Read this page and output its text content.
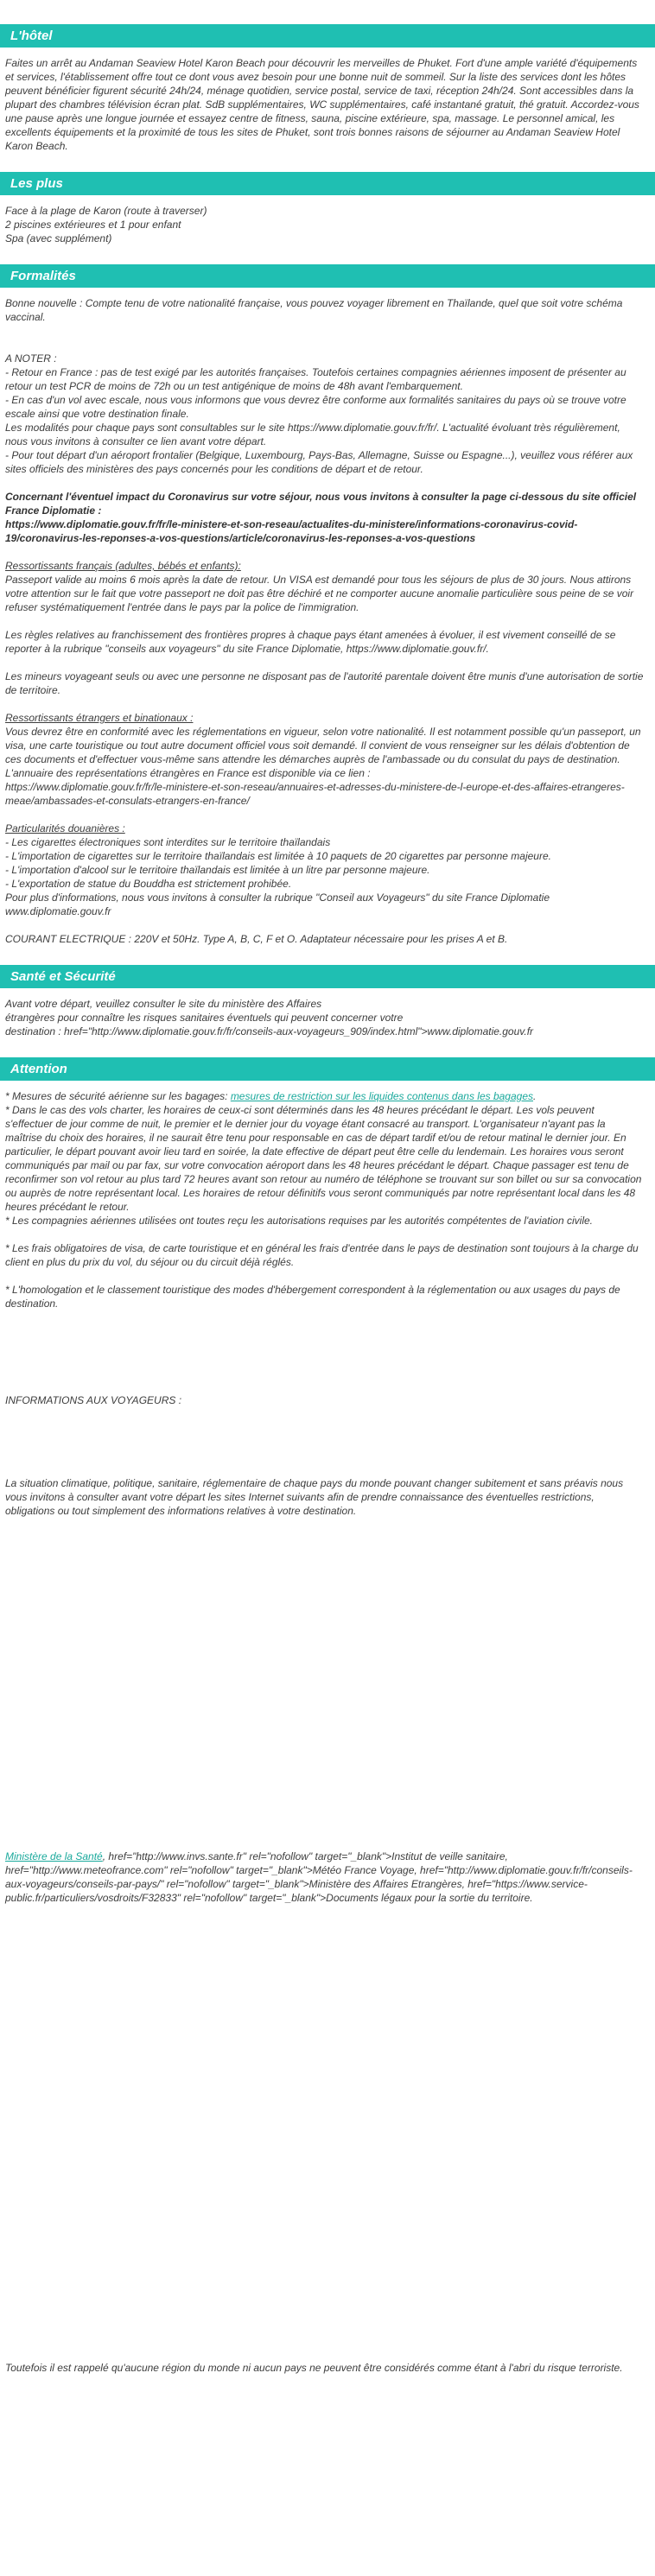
L'hôtel

Faites un arrêt au Andaman Seaview Hotel Karon Beach pour découvrir les merveilles de Phuket. Fort d'une ample variété d'équipements et services, l'établissement offre tout ce dont vous avez besoin pour une bonne nuit de sommeil. Sur la liste des services dont les hôtes peuvent bénéficier figurent sécurité 24h/24, ménage quotidien, service postal, service de taxi, réception 24h/24. Sont accessibles dans la plupart des chambres télévision écran plat. SdB supplémentaires, WC supplémentaires, café instantané gratuit, thé gratuit. Accordez-vous une pause après une longue journée et essayez centre de fitness, sauna, piscine extérieure, spa, massage. Le personnel amical, les excellents équipements et la proximité de tous les sites de Phuket, sont trois bonnes raisons de séjourner au Andaman Seaview Hotel Karon Beach.

Les plus

Face à la plage de Karon (route à traverser)

2 piscines extérieures et 1 pour enfant

Spa (avec supplément)

Formalités

Bonne nouvelle : Compte tenu de votre nationalité française, vous pouvez voyager librement en Thaïlande, quel que soit votre schéma vaccinal.

A NOTER :

- Retour en France : pas de test exigé par les autorités françaises. Toutefois certaines compagnies aériennes imposent de présenter au retour un test PCR de moins de 72h ou un test antigénique de moins de 48h avant l'embarquement.

- En cas d'un vol avec escale, nous vous informons que vous devrez être conforme aux formalités sanitaires du pays où se trouve votre escale ainsi que votre destination finale.

Les modalités pour chaque pays sont consultables sur le site https://www.diplomatie.gouv.fr/fr/. L'actualité évoluant très régulièrement, nous vous invitons à consulter ce lien avant votre départ.

- Pour tout départ d'un aéroport frontalier (Belgique, Luxembourg, Pays-Bas, Allemagne, Suisse ou Espagne...), veuillez vous référer aux sites officiels des ministères des pays concernés pour les conditions de départ et de retour.

Concernant l'éventuel impact du Coronavirus sur votre séjour, nous vous invitons à consulter la page ci-dessous du site officiel France Diplomatie :

https://www.diplomatie.gouv.fr/fr/le-ministere-et-son-reseau/actualites-du-ministere/informations-coronavirus-covid-19/coronavirus-les-reponses-a-vos-questions/article/coronavirus-les-reponses-a-vos-questions

Ressortissants français (adultes, bébés et enfants):

Passeport valide au moins 6 mois après la date de retour. Un VISA est demandé pour tous les séjours de plus de 30 jours. Nous attirons votre attention sur le fait que votre passeport ne doit pas être déchiré et ne comporter aucune anomalie particulière sous peine de se voir refuser systématiquement l'entrée dans le pays par la police de l'immigration.

Les règles relatives au franchissement des frontières propres à chaque pays étant amenées à évoluer, il est vivement conseillé de se reporter à la rubrique "conseils aux voyageurs" du site France Diplomatie, https://www.diplomatie.gouv.fr/.

Les mineurs voyageant seuls ou avec une personne ne disposant pas de l'autorité parentale doivent être munis d'une autorisation de sortie de territoire.

Ressortissants étrangers et binationaux :

Vous devrez être en conformité avec les réglementations en vigueur, selon votre nationalité. Il est notamment possible qu'un passeport, un visa, une carte touristique ou tout autre document officiel vous soit demandé. Il convient de vous renseigner sur les délais d'obtention de ces documents et d'effectuer vous-même sans attendre les démarches auprès de l'ambassade ou du consulat du pays de destination.

L'annuaire des représentations étrangères en France est disponible via ce lien :

https://www.diplomatie.gouv.fr/fr/le-ministere-et-son-reseau/annuaires-et-adresses-du-ministere-de-l-europe-et-des-affaires-etrangeres-meae/ambassades-et-consulats-etrangers-en-france/

Particularités douanières :

- Les cigarettes électroniques sont interdites sur le territoire thaïlandais

- L'importation de cigarettes sur le territoire thaïlandais est limitée à 10 paquets de 20 cigarettes par personne majeure.

- L'importation d'alcool sur le territoire thaïlandais est limitée à un litre par personne majeure.

- L'exportation de statue du Bouddha est strictement prohibée.

Pour plus d'informations, nous vous invitons à consulter la rubrique "Conseil aux Voyageurs" du site France Diplomatie www.diplomatie.gouv.fr

COURANT ELECTRIQUE : 220V et 50Hz. Type A, B, C, F et O. Adaptateur nécessaire pour les prises A et B.

Santé et Sécurité

Avant votre départ, veuillez consulter le site du ministère des Affaires

étrangères pour connaître les risques sanitaires éventuels qui peuvent concerner votre

destination : href="http://www.diplomatie.gouv.fr/fr/conseils-aux-voyageurs_909/index.html">www.diplomatie.gouv.fr

Attention

* Mesures de sécurité aérienne sur les bagages: mesures de restriction sur les liquides contenus dans les bagages.

* Dans le cas des vols charter, les horaires de ceux-ci sont déterminés dans les 48 heures précédant le départ. Les vols peuvent s'effectuer de jour comme de nuit, le premier et le dernier jour du voyage étant consacré au transport. L'organisateur n'ayant pas la maîtrise du choix des horaires, il ne saurait être tenu pour responsable en cas de départ tardif et/ou de retour matinal le dernier jour. En particulier, le départ pouvant avoir lieu tard en soirée, la date effective de départ peut être celle du lendemain. Les horaires vous seront communiqués par mail ou par fax, sur votre convocation aéroport dans les 48 heures précédant le départ. Chaque passager est tenu de reconfirmer son vol retour au plus tard 72 heures avant son retour au numéro de téléphone se trouvant sur son billet ou sur sa convocation ou auprès de notre représentant local. Les horaires de retour définitifs vous seront communiqués par notre représentant local dans les 48 heures précédant le retour.

* Les compagnies aériennes utilisées ont toutes reçu les autorisations requises par les autorités compétentes de l'aviation civile.

* Les frais obligatoires de visa, de carte touristique et en général les frais d'entrée dans le pays de destination sont toujours à la charge du client en plus du prix du vol, du séjour ou du circuit déjà réglés.

* L'homologation et le classement touristique des modes d'hébergement correspondent à la réglementation ou aux usages du pays de destination.

INFORMATIONS AUX VOYAGEURS :

La situation climatique, politique, sanitaire, réglementaire de chaque pays du monde pouvant changer subitement et sans préavis nous vous invitons à consulter avant votre départ les sites Internet suivants afin de prendre connaissance des éventuelles restrictions, obligations ou tout simplement des informations relatives à votre destination.

Ministère de la Santé, href="http://www.invs.sante.fr" rel="nofollow" target="_blank">Institut de veille sanitaire, href="http://www.meteofrance.com" rel="nofollow" target="_blank">Météo France Voyage, href="http://www.diplomatie.gouv.fr/fr/conseils-aux-voyageurs/conseils-par-pays/" rel="nofollow" target="_blank">Ministère des Affaires Etrangères, href="https://www.service-public.fr/particuliers/vosdroits/F32833" rel="nofollow" target="_blank">Documents légaux pour la sortie du territoire.

Toutefois il est rappelé qu'aucune région du monde ni aucun pays ne peuvent être considérés comme étant à l'abri du risque terroriste.
